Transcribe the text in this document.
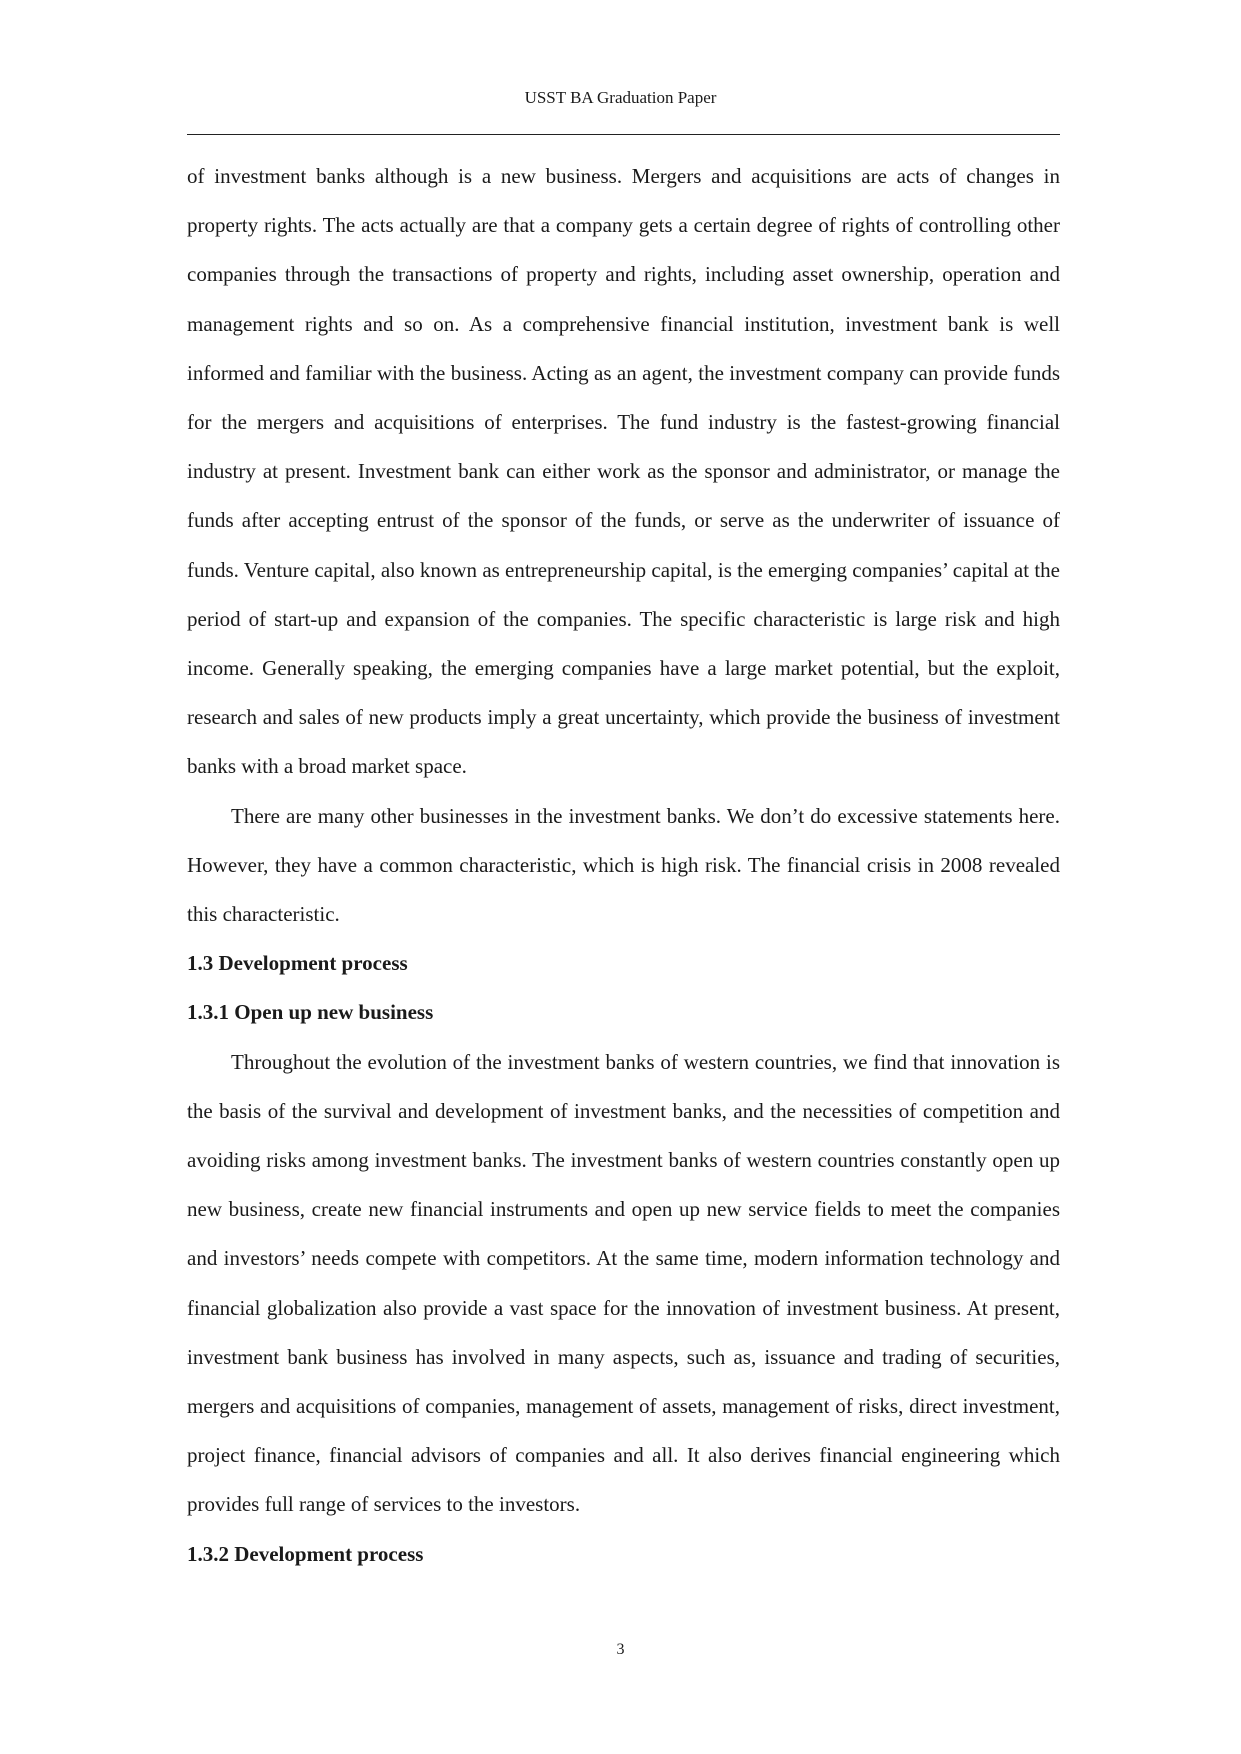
USST BA Graduation Paper

of investment banks although is a new business. Mergers and acquisitions are acts of changes in property rights. The acts actually are that a company gets a certain degree of rights of controlling other companies through the transactions of property and rights, including asset ownership, operation and management rights and so on. As a comprehensive financial institution, investment bank is well informed and familiar with the business. Acting as an agent, the investment company can provide funds for the mergers and acquisitions of enterprises. The fund industry is the fastest-growing financial industry at present. Investment bank can either work as the sponsor and administrator, or manage the funds after accepting entrust of the sponsor of the funds, or serve as the underwriter of issuance of funds. Venture capital, also known as entrepreneurship capital, is the emerging companies’ capital at the period of start-up and expansion of the companies. The specific characteristic is large risk and high income. Generally speaking, the emerging companies have a large market potential, but the exploit, research and sales of new products imply a great uncertainty, which provide the business of investment banks with a broad market space.

There are many other businesses in the investment banks. We don’t do excessive statements here. However, they have a common characteristic, which is high risk. The financial crisis in 2008 revealed this characteristic.

1.3 Development process
1.3.1 Open up new business

Throughout the evolution of the investment banks of western countries, we find that innovation is the basis of the survival and development of investment banks, and the necessities of competition and avoiding risks among investment banks. The investment banks of western countries constantly open up new business, create new financial instruments and open up new service fields to meet the companies and investors’ needs compete with competitors. At the same time, modern information technology and financial globalization also provide a vast space for the innovation of investment business. At present, investment bank business has involved in many aspects, such as, issuance and trading of securities, mergers and acquisitions of companies, management of assets, management of risks, direct investment, project finance, financial advisors of companies and all. It also derives financial engineering which provides full range of services to the investors.

1.3.2 Development process
3
